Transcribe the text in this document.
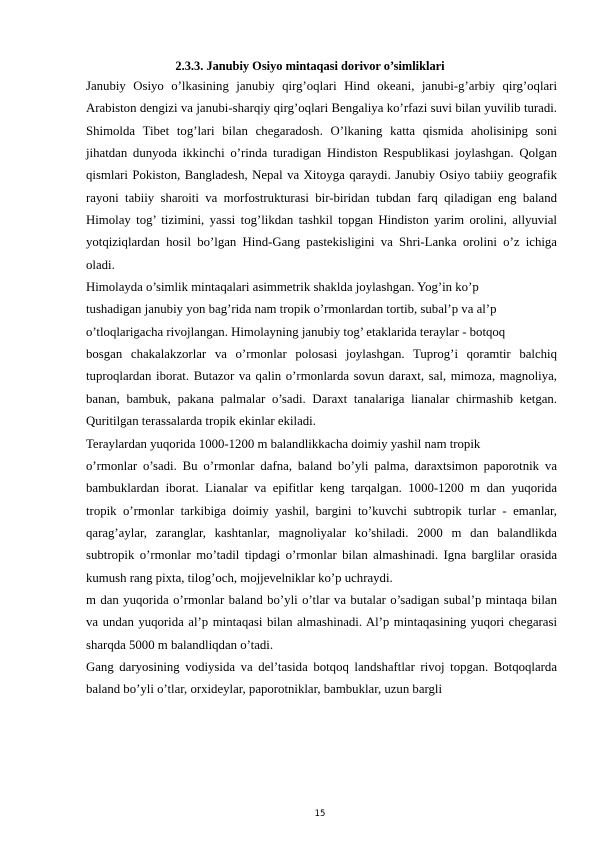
2.3.3. Janubiy Osiyo mintaqasi dorivor o’simliklari

Janubiy Osiyo o’lkasining janubiy qirg’oqlari Hind okeani, janubi-g’arbiy qirg’oqlari Arabiston dengizi va janubi-sharqiy qirg’oqlari Bengaliya ko’rfazi suvi bilan yuvilib turadi. Shimolda Tibet tog’lari bilan chegaradosh. O’lkaning katta qismida aholisinipg soni jihatdan dunyoda ikkinchi o’rinda turadigan Hindiston Respublikasi joylashgan. Qolgan qismlari Pokiston, Bangladesh, Nepal va Xitoyga qaraydi. Janubiy Osiyo tabiiy geografik rayoni tabiiy sharoiti va morfostrukturasi bir-biridan tubdan farq qiladigan eng baland Himolay tog’ tizimini, yassi tog’likdan tashkil topgan Hindiston yarim orolini, allyuvial yotqiziqlardan hosil bo’lgan Hind-Gang pastekisligini va Shri-Lanka orolini o’z ichiga oladi.

Himolayda o’simlik mintaqalari asimmetrik shaklda joylashgan. Yog’in ko’p

tushadigan janubiy yon bag’rida nam tropik o’rmonlardan tortib, subal’p va al’p

o’tloqlarigacha rivojlangan. Himolayning janubiy tog’ etaklarida teraylar - botqoq

bosgan chakalakzorlar va o’rmonlar polosasi joylashgan. Tuprog’i qoramtir balchiq tuproqlardan iborat. Butazor va qalin o’rmonlarda sovun daraxt, sal, mimoza, magnoliya, banan, bambuk, pakana palmalar o’sadi. Daraxt tanalariga lianalar chirmashib ketgan. Quritilgan terassalarda tropik ekinlar ekiladi.

Teraylardan yuqorida 1000-1200 m balandlikkacha doimiy yashil nam tropik

o’rmonlar o’sadi. Bu o’rmonlar dafna, baland bo’yli palma, daraxtsimon paporotnik va bambuklardan iborat. Lianalar va epifitlar keng tarqalgan. 1000-1200 m dan yuqorida tropik o’rmonlar tarkibiga doimiy yashil, bargini to’kuvchi subtropik turlar - emanlar, qarag’aylar, zaranglar, kashtanlar, magnoliyalar ko’shiladi. 2000 m dan balandlikda subtropik o’rmonlar mo’tadil tipdagi o’rmonlar bilan almashinadi. Igna barglilar orasida kumush rang pixta, tilog’och, mojjevelniklar ko’p uchraydi.

m dan yuqorida o’rmonlar baland bo’yli o’tlar va butalar o’sadigan subal’p mintaqa bilan va undan yuqorida al’p mintaqasi bilan almashinadi. Al’p mintaqasining yuqori chegarasi sharqda 5000 m balandliqdan o’tadi.

Gang daryosining vodiysida va del’tasida botqoq landshaftlar rivoj topgan. Botqoqlarda baland bo’yli o’tlar, orxideylar, paporotniklar, bambuklar, uzun bargli

15
